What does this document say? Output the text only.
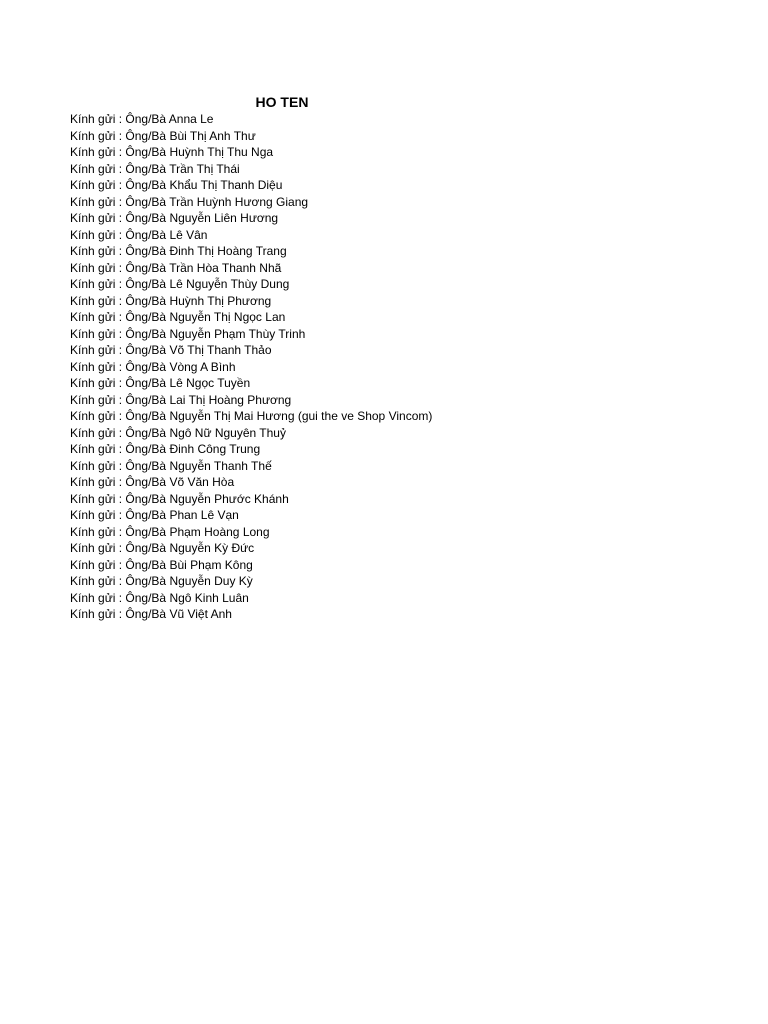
HO TEN
Kính gửi : Ông/Bà Anna Le
Kính gửi : Ông/Bà Bùi Thị Anh Thư
Kính gửi : Ông/Bà Huỳnh Thị Thu Nga
Kính gửi : Ông/Bà Trần Thị Thái
Kính gửi : Ông/Bà Khẩu Thị Thanh Diệu
Kính gửi : Ông/Bà Trần Huỳnh Hương Giang
Kính gửi : Ông/Bà Nguyễn Liên Hương
Kính gửi : Ông/Bà Lê Vân
Kính gửi : Ông/Bà Đinh Thị Hoàng Trang
Kính gửi : Ông/Bà Trần Hòa Thanh Nhã
Kính gửi : Ông/Bà Lê Nguyễn Thùy Dung
Kính gửi : Ông/Bà Huỳnh Thị Phương
Kính gửi : Ông/Bà Nguyễn Thị Ngọc Lan
Kính gửi : Ông/Bà Nguyễn Phạm Thùy Trinh
Kính gửi : Ông/Bà Võ Thị Thanh Thảo
Kính gửi : Ông/Bà Vòng A Bình
Kính gửi : Ông/Bà Lê Ngọc Tuyền
Kính gửi : Ông/Bà Lai Thị Hoàng Phương
Kính gửi : Ông/Bà Nguyễn Thị Mai Hương (gui the ve Shop Vincom)
Kính gửi : Ông/Bà Ngô Nữ Nguyên Thuỷ
Kính gửi : Ông/Bà Đinh Công Trung
Kính gửi : Ông/Bà Nguyễn Thanh Thế
Kính gửi : Ông/Bà Võ Văn Hòa
Kính gửi : Ông/Bà Nguyễn Phước Khánh
Kính gửi : Ông/Bà Phan Lê Vạn
Kính gửi : Ông/Bà Phạm Hoàng Long
Kính gửi : Ông/Bà Nguyễn Kỳ Đức
Kính gửi : Ông/Bà Bùi Phạm Kông
Kính gửi : Ông/Bà Nguyễn Duy Kỳ
Kính gửi : Ông/Bà Ngô Kinh Luân
Kính gửi : Ông/Bà Vũ Việt Anh
